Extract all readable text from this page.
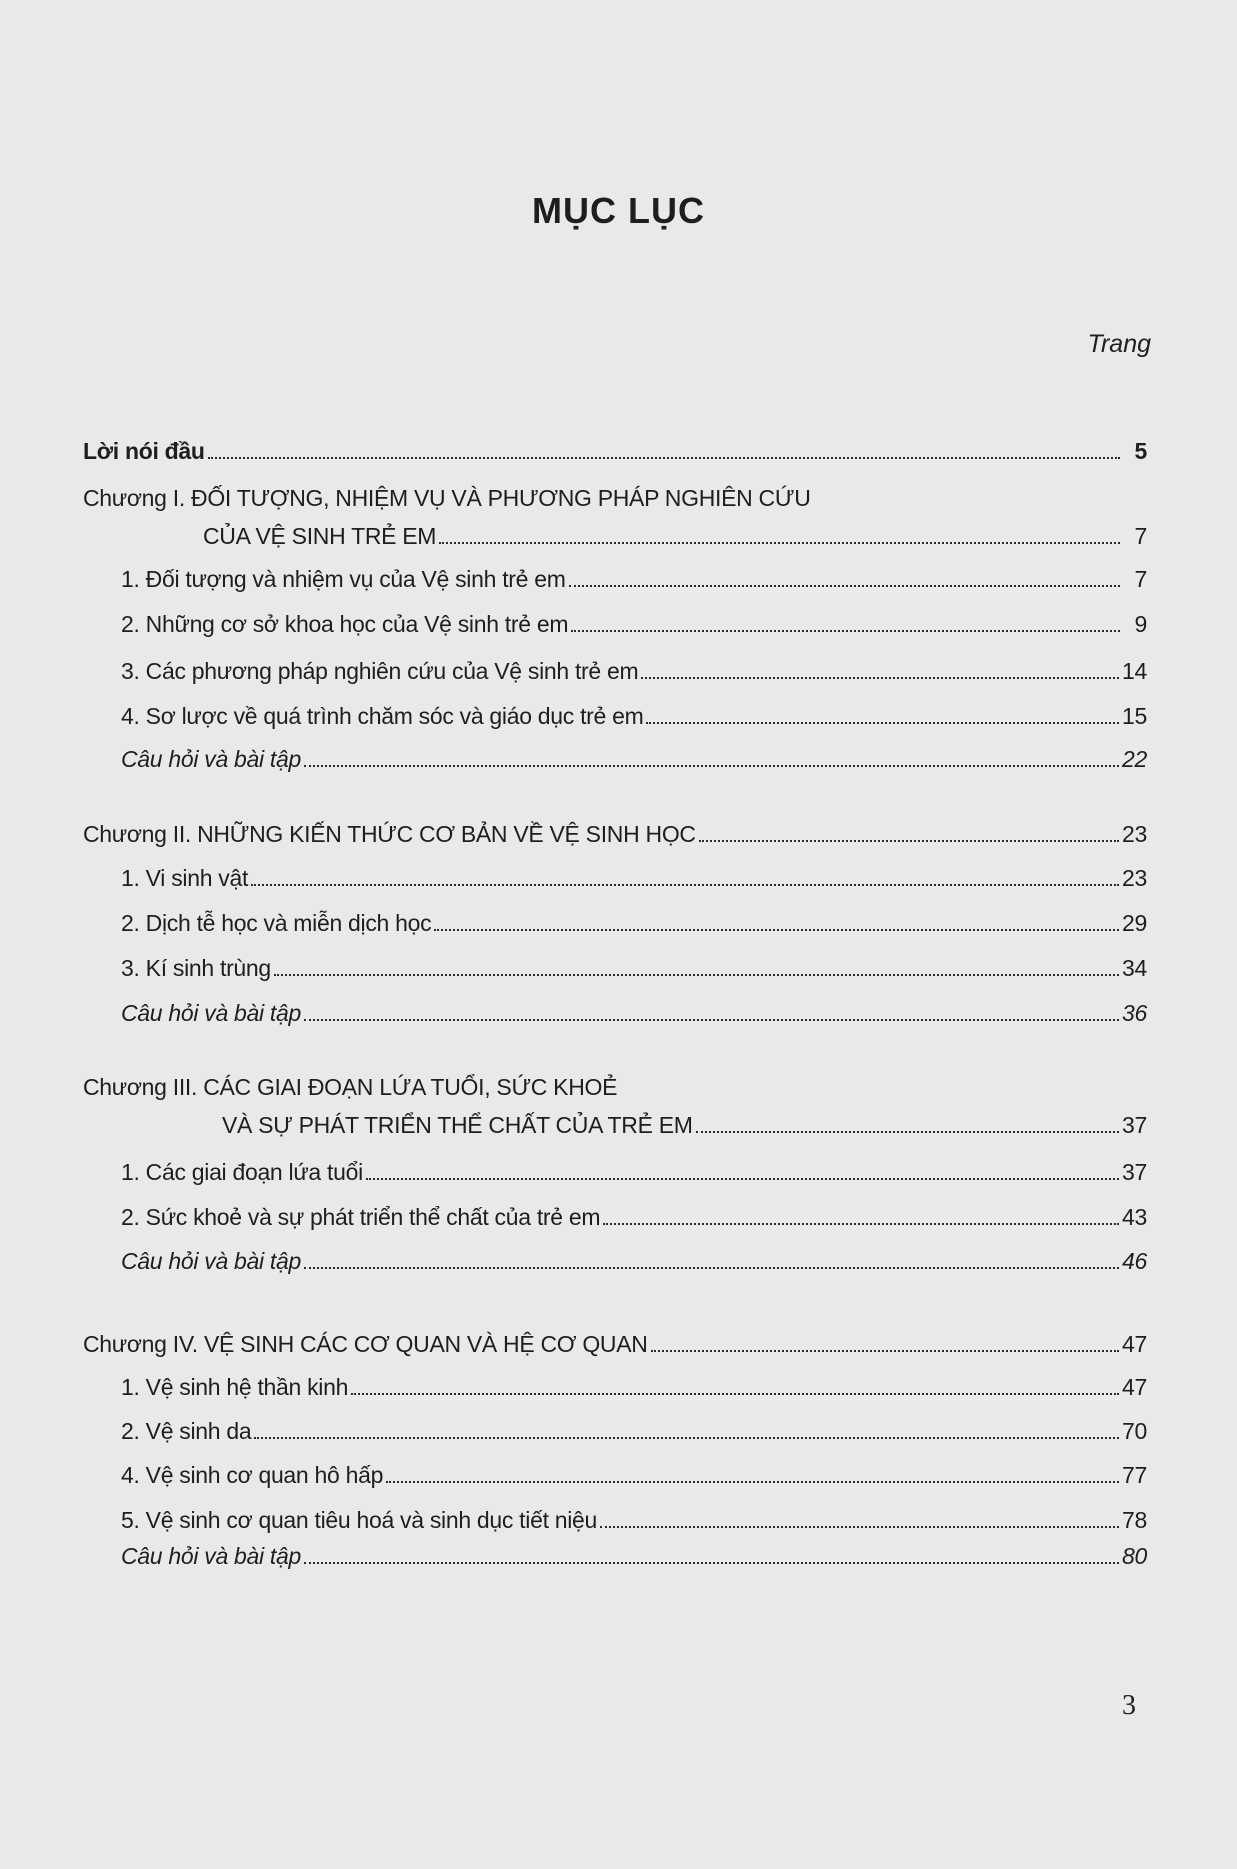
MỤC LỤC
Trang
Lời nói đầu	5
Chương I. ĐỐI TƯỢNG, NHIỆM VỤ VÀ PHƯƠNG PHÁP NGHIÊN CỨU
CỦA VỆ SINH TRẺ EM	7
1. Đối tượng và nhiệm vụ của Vệ sinh trẻ em	7
2. Những cơ sở khoa học của Vệ sinh trẻ em	9
3. Các phương pháp nghiên cứu của Vệ sinh trẻ em	14
4. Sơ lược về quá trình chăm sóc và giáo dục trẻ em	15
Câu hỏi và bài tập	22
Chương II. NHỮNG KIẾN THỨC CƠ BẢN VỀ VỆ SINH HỌC	23
1. Vi sinh vật	23
2. Dịch tễ học và miễn dịch học	29
3. Kí sinh trùng	34
Câu hỏi và bài tập	36
Chương III. CÁC GIAI ĐOẠN LỨA TUỔI, SỨC KHOẺ
VÀ SỰ PHÁT TRIỂN THỂ CHẤT CỦA TRẺ EM	37
1. Các giai đoạn lứa tuổi	37
2. Sức khoẻ và sự phát triển thể chất của trẻ em	43
Câu hỏi và bài tập	46
Chương IV. VỆ SINH CÁC CƠ QUAN VÀ HỆ CƠ QUAN	47
1. Vệ sinh hệ thần kinh	47
2. Vệ sinh da	70
4. Vệ sinh cơ quan hô hấp	77
5. Vệ sinh cơ quan tiêu hoá và sinh dục tiết niệu	78
Câu hỏi và bài tập	80
3
